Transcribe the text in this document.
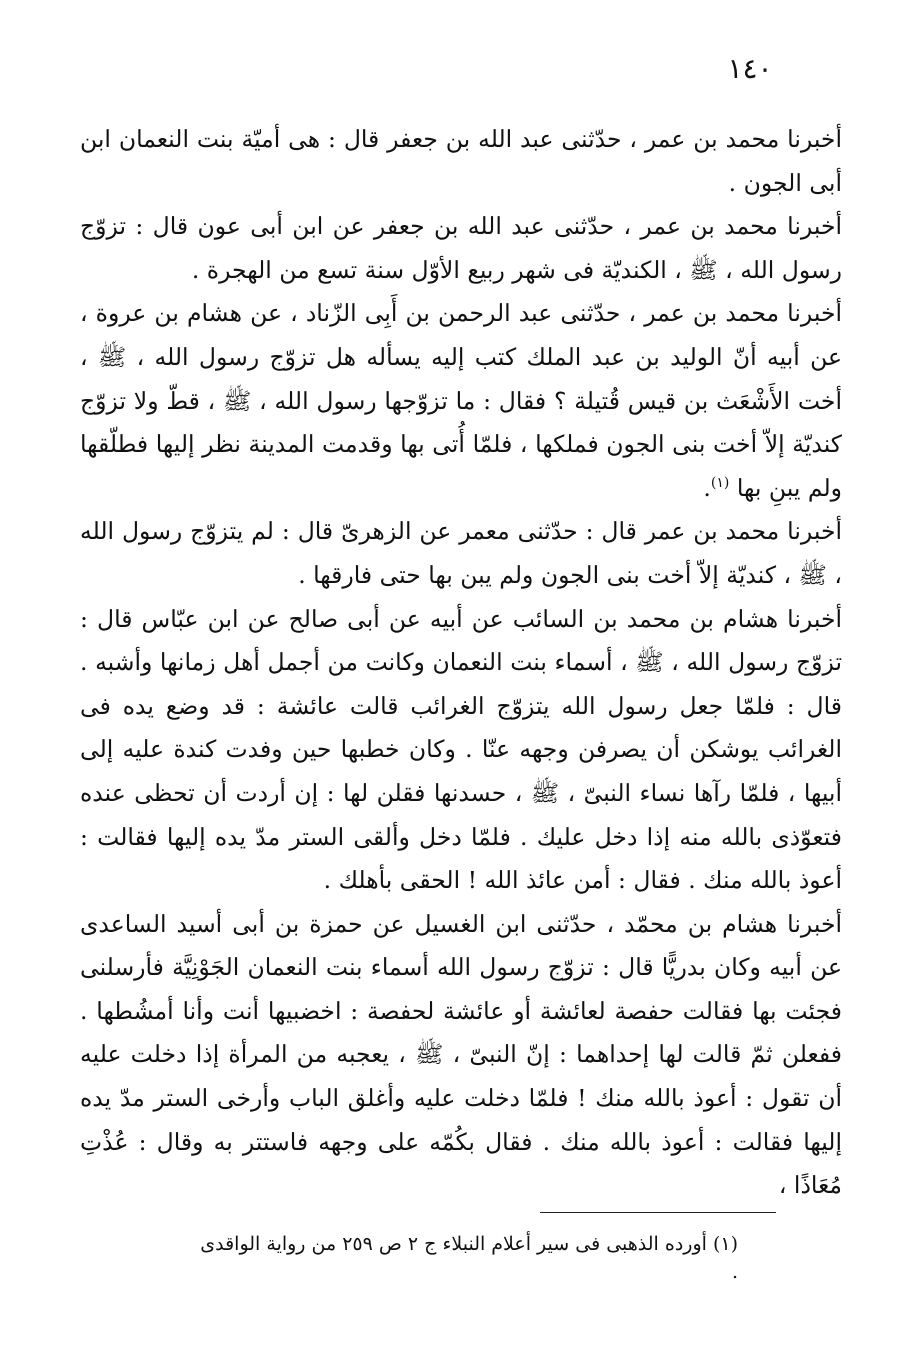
١٤٠

أخبرنا محمد بن عمر ، حدّثنى عبد الله بن جعفر قال : هى أميّة بنت النعمان ابن أبى الجون .

أخبرنا محمد بن عمر ، حدّثنى عبد الله بن جعفر عن ابن أبى عون قال : تزوّج رسول الله ، ﷺ ، الكنديّة فى شهر ربيع الأوّل سنة تسع من الهجرة .

أخبرنا محمد بن عمر ، حدّثنى عبد الرحمن بن أَبِى الزّناد ، عن هشام بن عروة ، عن أبيه أنّ الوليد بن عبد الملك كتب إليه يسأله هل تزوّج رسول الله ، ﷺ ، أخت الأَشْعَث بن قيس قُتيلة ؟ فقال : ما تزوّجها رسول الله ، ﷺ ، قطّ ولا تزوّج كنديّة إلاّ أخت بنى الجون فملكها ، فلمّا أُتى بها وقدمت المدينة نظر إليها فطلّقها ولم يبنِ بها $^{(١)}$.

أخبرنا محمد بن عمر قال : حدّثنى معمر عن الزهرىّ قال : لم يتزوّج رسول الله ، ﷺ ، كنديّة إلاّ أخت بنى الجون ولم يبن بها حتى فارقها .

أخبرنا هشام بن محمد بن السائب عن أبيه عن أبى صالح عن ابن عبّاس قال : تزوّج رسول الله ، ﷺ ، أسماء بنت النعمان وكانت من أجمل أهل زمانها وأشبه . قال : فلمّا جعل رسول الله يتزوّج الغرائب قالت عائشة : قد وضع يده فى الغرائب يوشكن أن يصرفن وجهه عنّا . وكان خطبها حين وفدت كندة عليه إلى أبيها ، فلمّا رآها نساء النبىّ ، ﷺ ، حسدنها فقلن لها : إن أردت أن تحظى عنده فتعوّذى بالله منه إذا دخل عليك . فلمّا دخل وألقى الستر مدّ يده إليها فقالت : أعوذ بالله منك . فقال : أمن عائذ الله ! الحقى بأهلك .

أخبرنا هشام بن محمّد ، حدّثنى ابن الغسيل عن حمزة بن أبى أسيد الساعدى عن أبيه وكان بدريًّا قال : تزوّج رسول الله أسماء بنت النعمان الجَوْنِيَّة فأرسلنى فجئت بها فقالت حفصة لعائشة أو عائشة لحفصة : اخضبيها أنت وأنا أمشُطها . ففعلن ثمّ قالت لها إحداهما : إنّ النبىّ ، ﷺ ، يعجبه من المرأة إذا دخلت عليه أن تقول : أعوذ بالله منك ! فلمّا دخلت عليه وأغلق الباب وأرخى الستر مدّ يده إليها فقالت : أعوذ بالله منك . فقال بكُمّه على وجهه فاستتر به وقال : عُذْتِ مُعَاذًا ،

(١) أورده الذهبى فى سير أعلام النبلاء ج ٢ ص ٢٥٩ من رواية الواقدى .
